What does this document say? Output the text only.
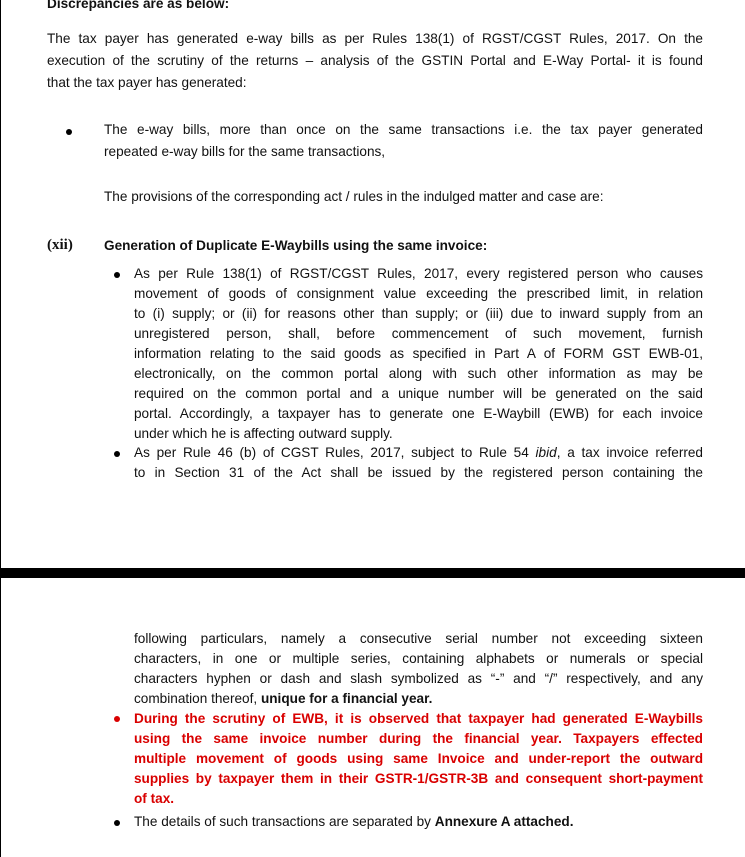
Discrepancies are as below:
The tax payer has generated e-way bills as per Rules 138(1) of RGST/CGST Rules, 2017. On the
execution of the scrutiny of the returns – analysis of the GSTIN Portal and E-Way Portal- it is found
that the tax payer has generated:
The e-way bills, more than once on the same transactions i.e. the tax payer generated
repeated e-way bills for the same transactions,
The provisions of the corresponding act / rules in the indulged matter and case are:
(xii) Generation of Duplicate E-Waybills using the same invoice:
As per Rule 138(1) of RGST/CGST Rules, 2017, every registered person who causes
movement of goods of consignment value exceeding the prescribed limit, in relation
to (i) supply; or (ii) for reasons other than supply; or (iii) due to inward supply from an
unregistered person, shall, before commencement of such movement, furnish
information relating to the said goods as specified in Part A of FORM GST EWB-01,
electronically, on the common portal along with such other information as may be
required on the common portal and a unique number will be generated on the said
portal. Accordingly, a taxpayer has to generate one E-Waybill (EWB) for each invoice
under which he is affecting outward supply.
As per Rule 46 (b) of CGST Rules, 2017, subject to Rule 54 ibid, a tax invoice referred
to in Section 31 of the Act shall be issued by the registered person containing the
following particulars, namely a consecutive serial number not exceeding sixteen
characters, in one or multiple series, containing alphabets or numerals or special
characters hyphen or dash and slash symbolized as “-” and “/” respectively, and any
combination thereof, unique for a financial year.
During the scrutiny of EWB, it is observed that taxpayer had generated E-Waybills
using the same invoice number during the financial year. Taxpayers effected
multiple movement of goods using same Invoice and under-report the outward
supplies by taxpayer them in their GSTR-1/GSTR-3B and consequent short-payment
of tax.
The details of such transactions are separated by Annexure A attached.
